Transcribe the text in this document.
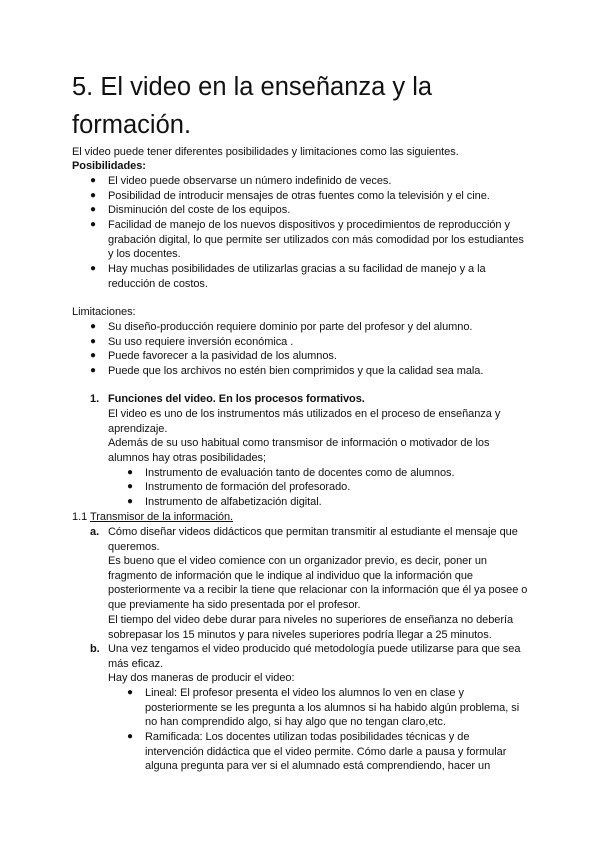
5. El video en la enseñanza y la formación.

El video puede tener diferentes posibilidades y limitaciones como las siguientes.

Posibilidades:

● El video puede observarse un número indefinido de veces.

● Posibilidad de introducir mensajes de otras fuentes como la televisión y el cine.

● Disminución del coste de los equipos.

● Facilidad de manejo de los nuevos dispositivos y procedimientos de reproducción y grabación digital, lo que permite ser utilizados con más comodidad por los estudiantes y los docentes.

● Hay muchas posibilidades de utilizarlas gracias a su facilidad de manejo y a la reducción de costos.

Limitaciones:

● Su diseño-producción requiere dominio por parte del profesor y del alumno.

● Su uso requiere inversión económica .

● Puede favorecer a la pasividad de los alumnos.

● Puede que los archivos no estén bien comprimidos y que la calidad sea mala.

1. Funciones del video. En los procesos formativos.

El video es uno de los instrumentos más utilizados en el proceso de enseñanza y aprendizaje.

Además de su uso habitual como transmisor de información o motivador de los alumnos hay otras posibilidades;

● Instrumento de evaluación tanto de docentes como de alumnos.

● Instrumento de formación del profesorado.

● Instrumento de alfabetización digital.

1.1 Transmisor de la información.

a. Cómo diseñar videos didácticos que permitan transmitir al estudiante el mensaje que queremos.

Es bueno que el video comience con un organizador previo, es decir, poner un fragmento de información que le indique al individuo que la información que posteriormente va a recibir la tiene que relacionar con la información que él ya posee o que previamente ha sido presentada por el profesor.

El tiempo del video debe durar para niveles no superiores de enseñanza no debería sobrepasar los 15 minutos y para niveles superiores podría llegar a 25 minutos.

b. Una vez tengamos el video producido qué metodología puede utilizarse para que sea más eficaz.

Hay dos maneras de producir el video:

● Lineal: El profesor presenta el video los alumnos lo ven en clase y posteriormente se les pregunta a los alumnos si ha habido algún problema, si no han comprendido algo, si hay algo que no tengan claro,etc.

● Ramificada: Los docentes utilizan todas posibilidades técnicas y de intervención didáctica que el video permite. Cómo darle a pausa y formular alguna pregunta para ver si el alumnado está comprendiendo, hacer un
